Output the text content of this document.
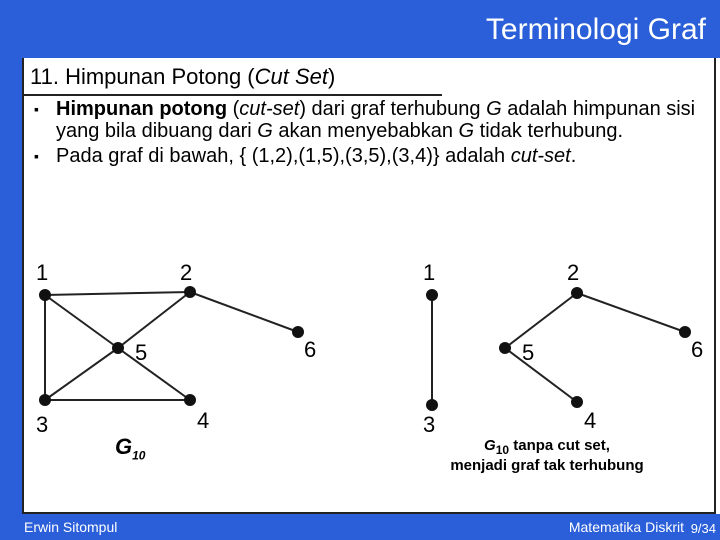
Terminologi Graf
11. Himpunan Potong (Cut Set)
▪ Himpunan potong (cut-set) dari graf terhubung G adalah himpunan sisi yang bila dibuang dari G akan menyebabkan G tidak terhubung.
▪ Pada graf di bawah, { (1,2),(1,5),(3,5),(3,4)} adalah cut-set.
1	2
3	4
5	6
1	2
3	4
5	6
$G_{10}$
$G_{10}$ tanpa cut set,
menjadi graf tak terhubung
Erwin Sitompul	Matematika Diskrit 9/34
